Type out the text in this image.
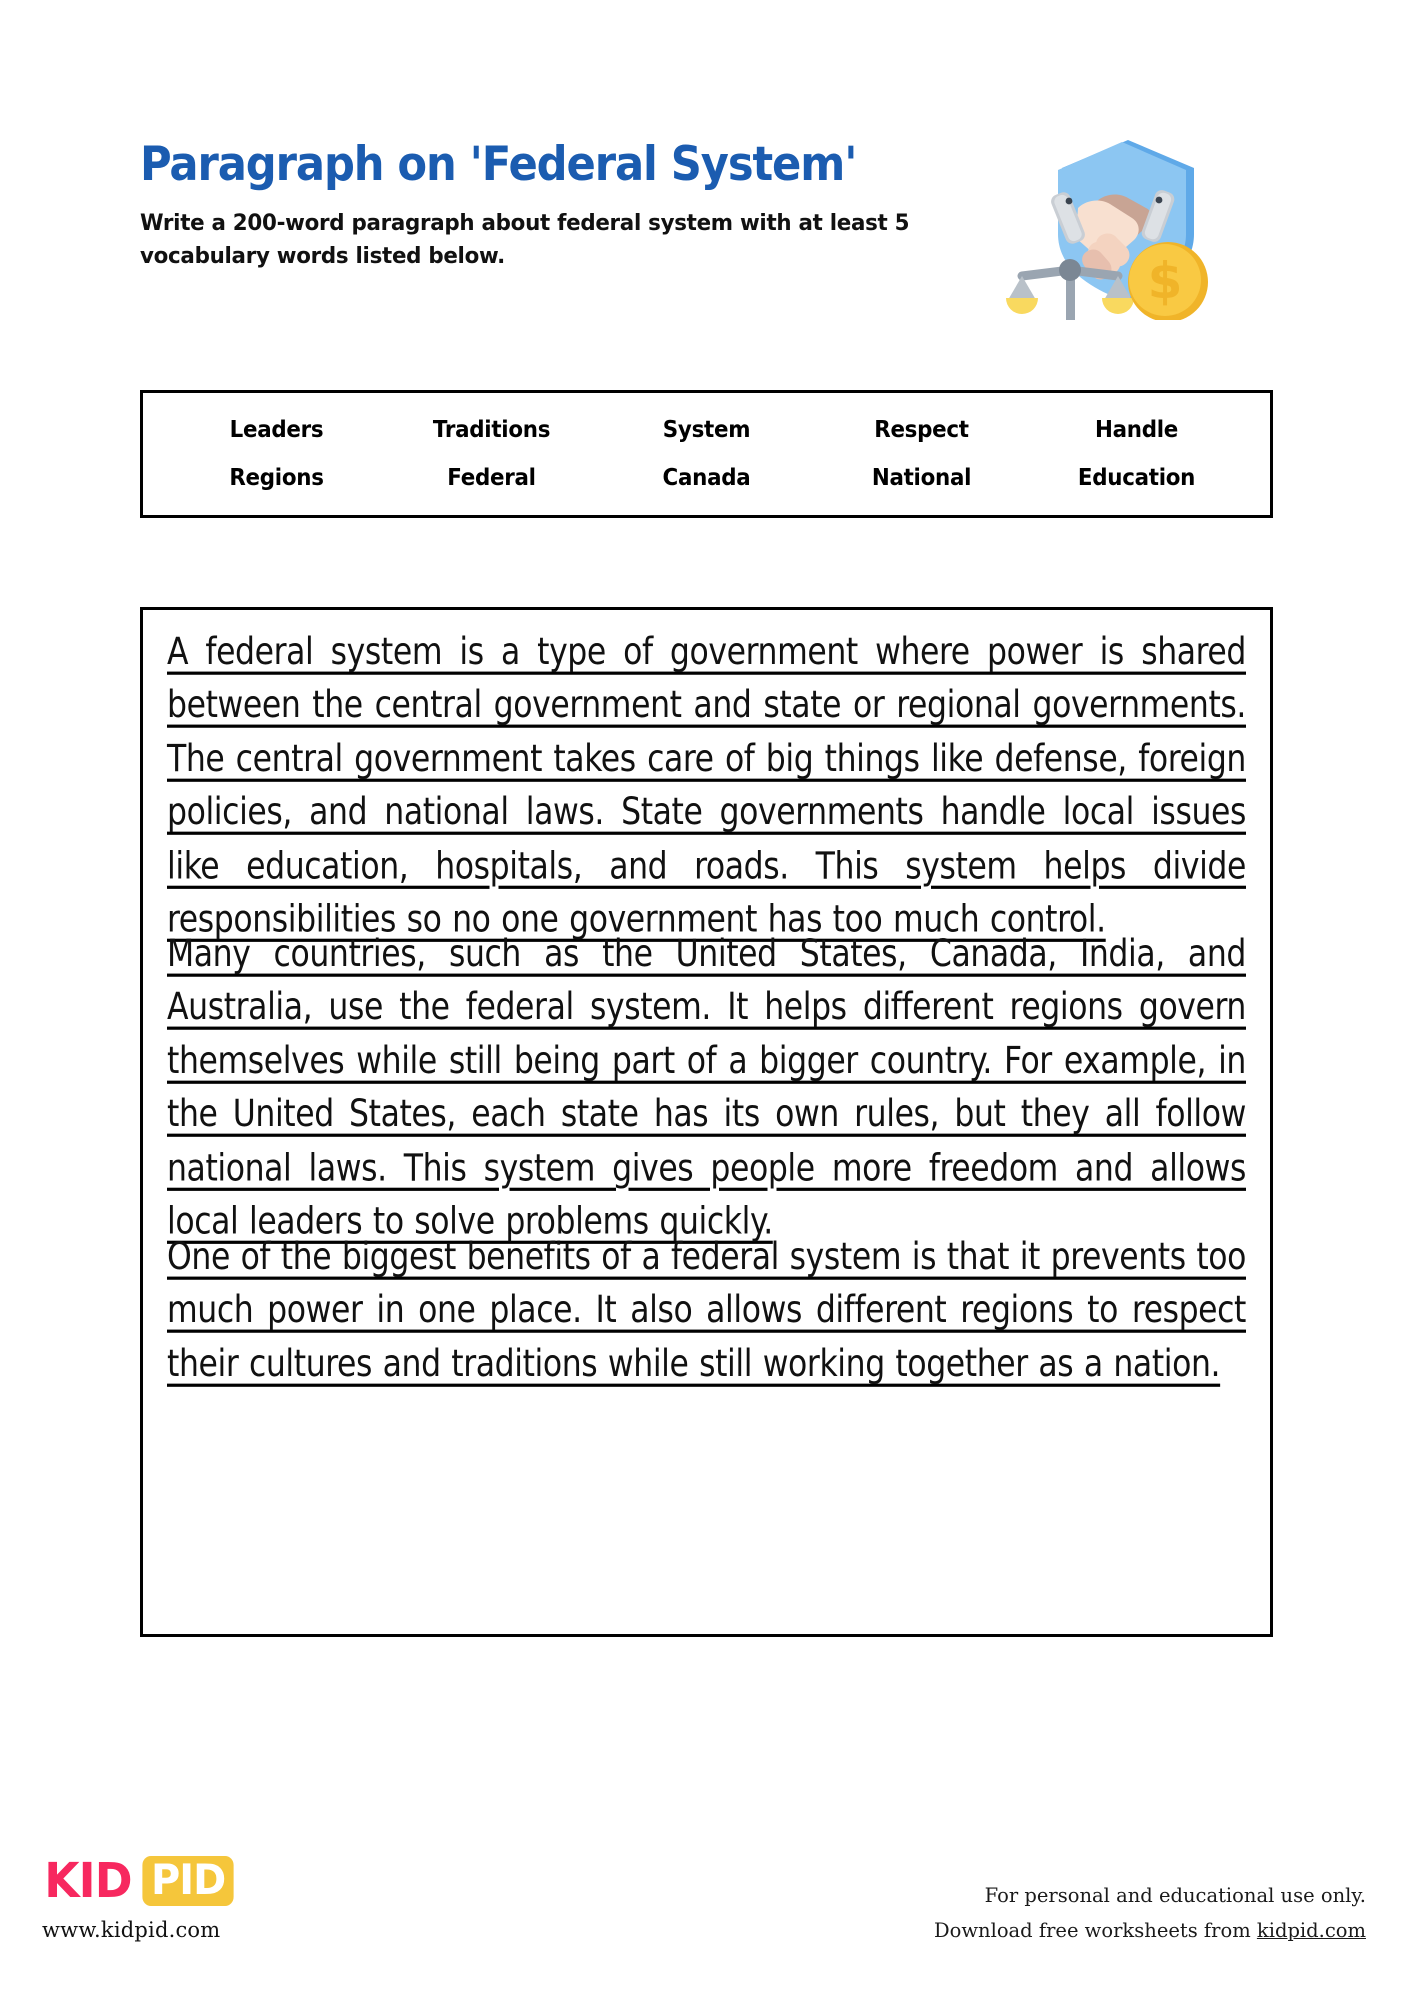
Paragraph on 'Federal System'
Write a 200-word paragraph about federal system with at least 5 vocabulary words listed below.	$
Leaders	Traditions	System	Respect	Handle
Regions	Federal	Canada	National	Education

A federal system is a type of government where power is shared between the central government and state or regional governments. The central government takes care of big things like defense, foreign policies, and national laws. State governments handle local issues like education, hospitals, and roads. This system helps divide responsibilities so no one government has too much control.

Many countries, such as the United States, Canada, India, and Australia, use the federal system. It helps different regions govern themselves while still being part of a bigger country. For example, in the United States, each state has its own rules, but they all follow national laws. This system gives people more freedom and allows local leaders to solve problems quickly.

One of the biggest benefits of a federal system is that it prevents too much power in one place. It also allows different regions to respect their cultures and traditions while still working together as a nation.

KID PID
www.kidpid.com
For personal and educational use only.
Download free worksheets from kidpid.com
